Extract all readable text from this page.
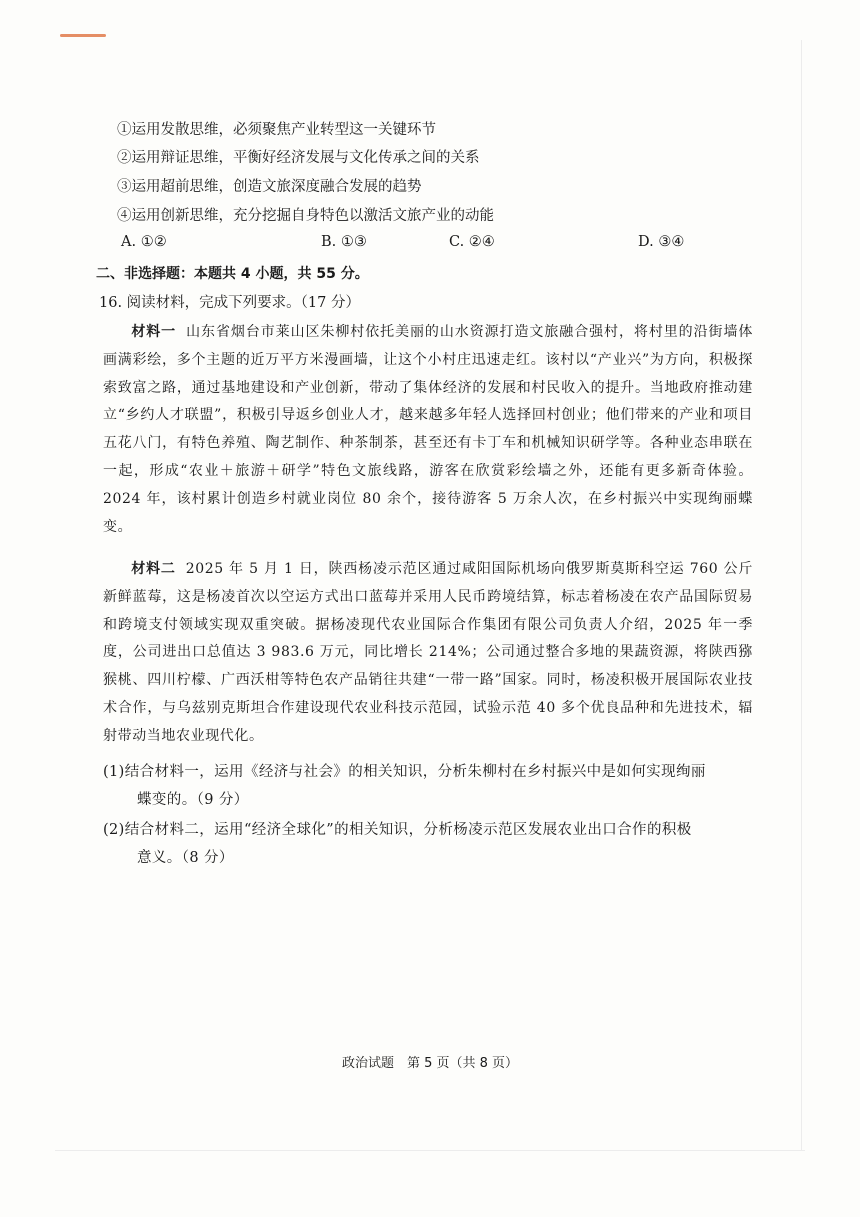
①运用发散思维，必须聚焦产业转型这一关键环节
②运用辩证思维，平衡好经济发展与文化传承之间的关系
③运用超前思维，创造文旅深度融合发展的趋势
④运用创新思维，充分挖掘自身特色以激活文旅产业的动能
A. ①②	B. ①③	C. ②④	D. ③④
二、非选择题：本题共 4 小题，共 55 分。
16. 阅读材料，完成下列要求。（17 分）
材料一 山东省烟台市莱山区朱柳村依托美丽的山水资源打造文旅融合强村，将村里的沿街墙体画满彩绘，多个主题的近万平方米漫画墙，让这个小村庄迅速走红。该村以“产业兴”为方向，积极探索致富之路，通过基地建设和产业创新，带动了集体经济的发展和村民收入的提升。当地政府推动建立“乡约人才联盟”，积极引导返乡创业人才，越来越多年轻人选择回村创业；他们带来的产业和项目五花八门，有特色养殖、陶艺制作、种茶制茶，甚至还有卡丁车和机械知识研学等。各种业态串联在一起，形成“农业＋旅游＋研学”特色文旅线路，游客在欣赏彩绘墙之外，还能有更多新奇体验。2024 年，该村累计创造乡村就业岗位 80 余个，接待游客 5 万余人次，在乡村振兴中实现绚丽蝶变。
材料二 2025 年 5 月 1 日，陕西杨凌示范区通过咸阳国际机场向俄罗斯莫斯科空运 760 公斤新鲜蓝莓，这是杨凌首次以空运方式出口蓝莓并采用人民币跨境结算，标志着杨凌在农产品国际贸易和跨境支付领域实现双重突破。据杨凌现代农业国际合作集团有限公司负责人介绍，2025 年一季度，公司进出口总值达 3 983.6 万元，同比增长 214%；公司通过整合多地的果蔬资源，将陕西猕猴桃、四川柠檬、广西沃柑等特色农产品销往共建“一带一路”国家。同时，杨凌积极开展国际农业技术合作，与乌兹别克斯坦合作建设现代农业科技示范园，试验示范 40 多个优良品种和先进技术，辐射带动当地农业现代化。
(1)结合材料一，运用《经济与社会》的相关知识，分析朱柳村在乡村振兴中是如何实现绚丽
蝶变的。（9 分）
(2)结合材料二，运用“经济全球化”的相关知识，分析杨凌示范区发展农业出口合作的积极
意义。（8 分）
政治试题　第 5 页（共 8 页）
